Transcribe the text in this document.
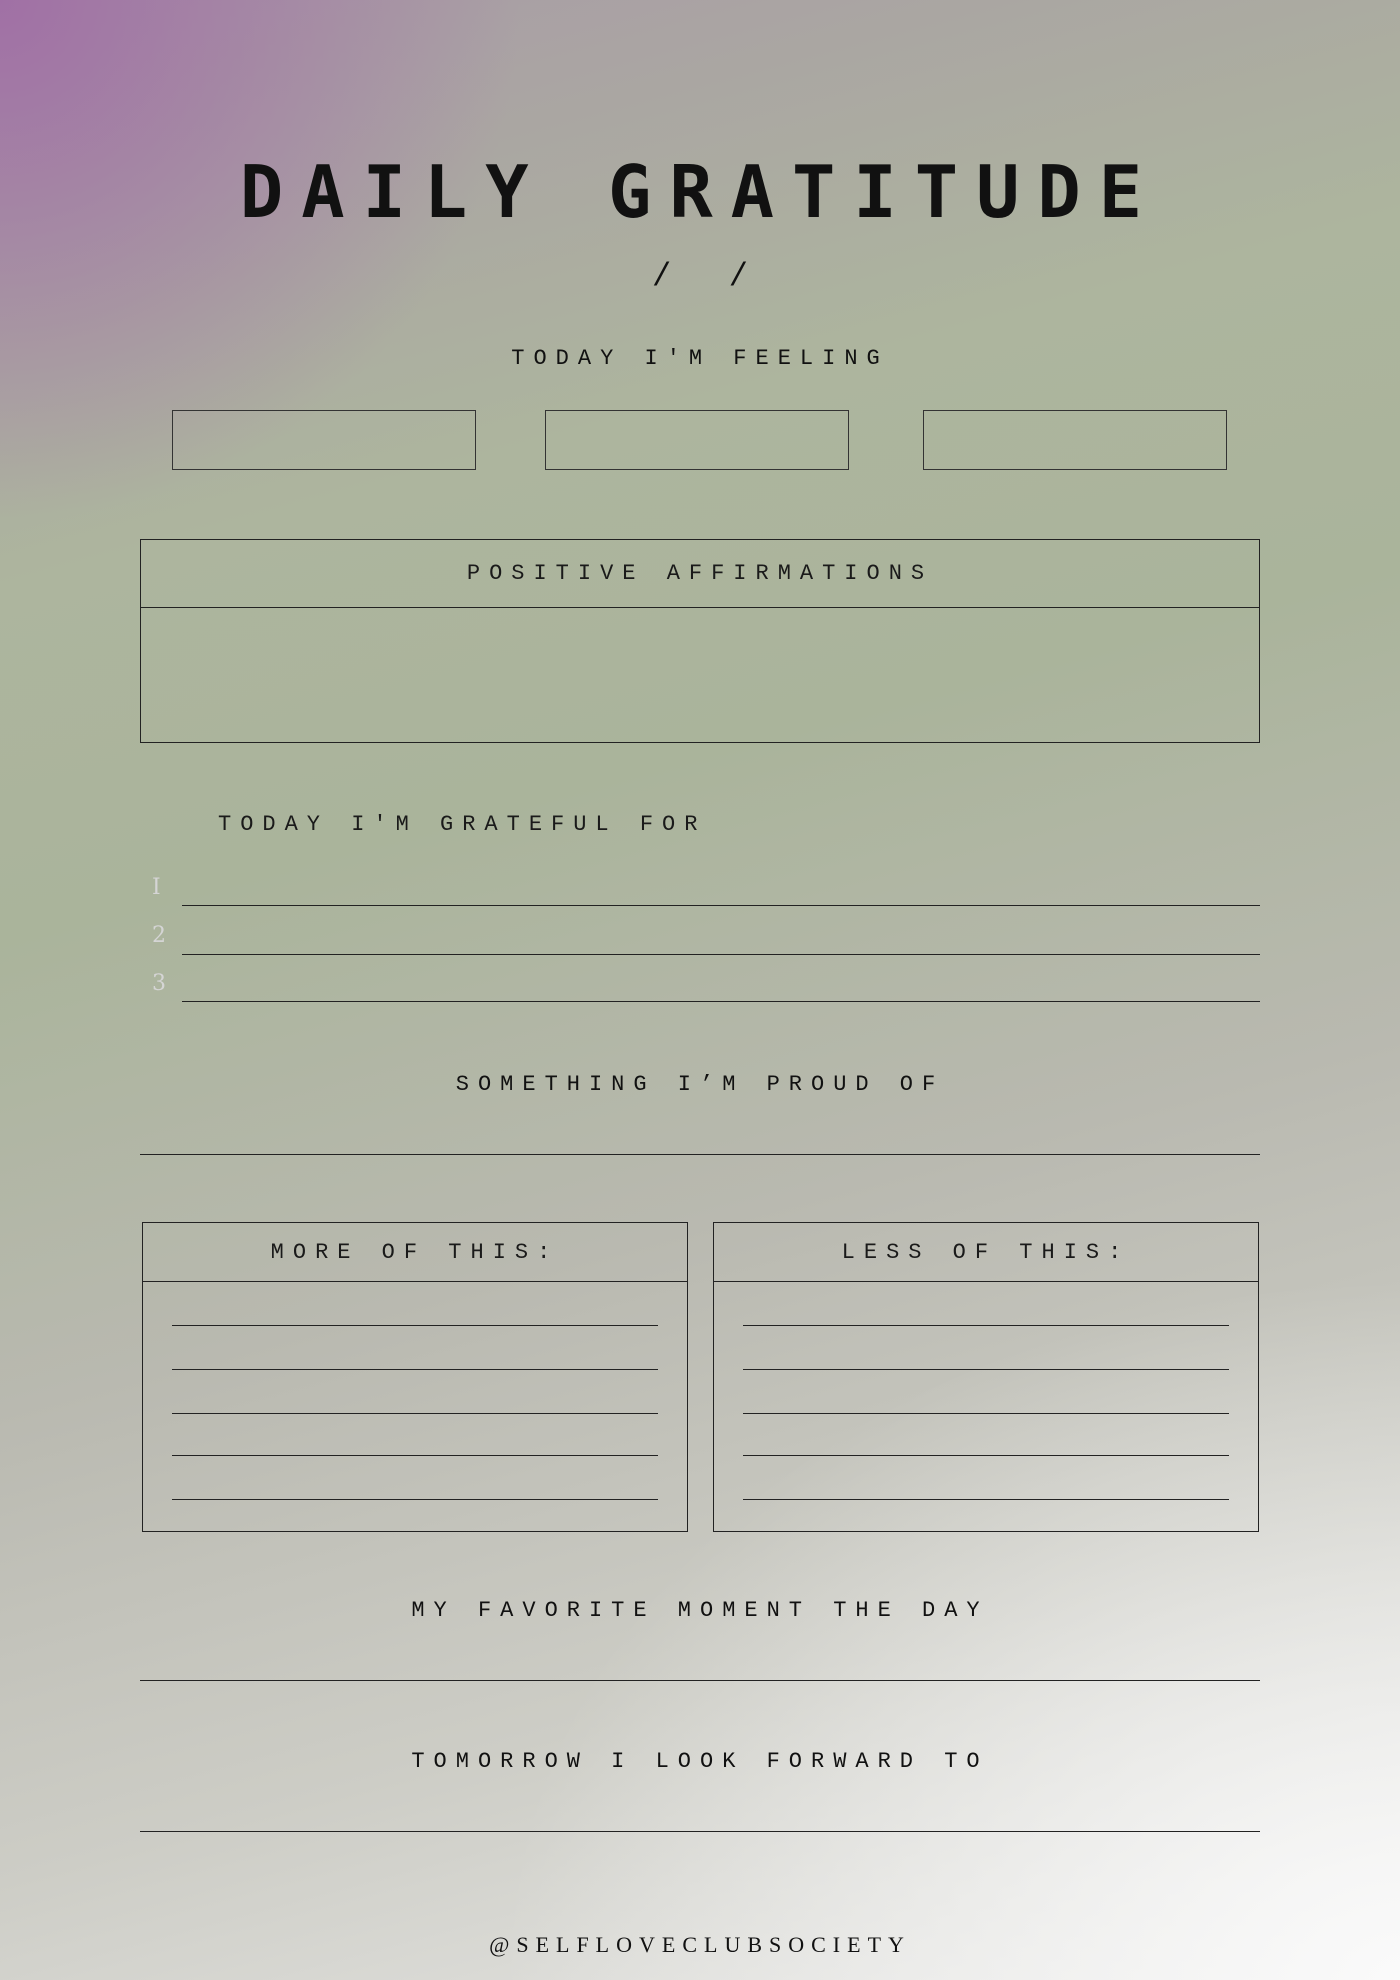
DAILY GRATITUDE
/   /
TODAY I'M FEELING
POSITIVE AFFIRMATIONS
TODAY I'M GRATEFUL FOR
I
2
3
SOMETHING I’M PROUD OF
MORE OF THIS:	LESS OF THIS:
MY FAVORITE MOMENT THE DAY
TOMORROW I LOOK FORWARD TO
@SELFLOVECLUBSOCIETY
